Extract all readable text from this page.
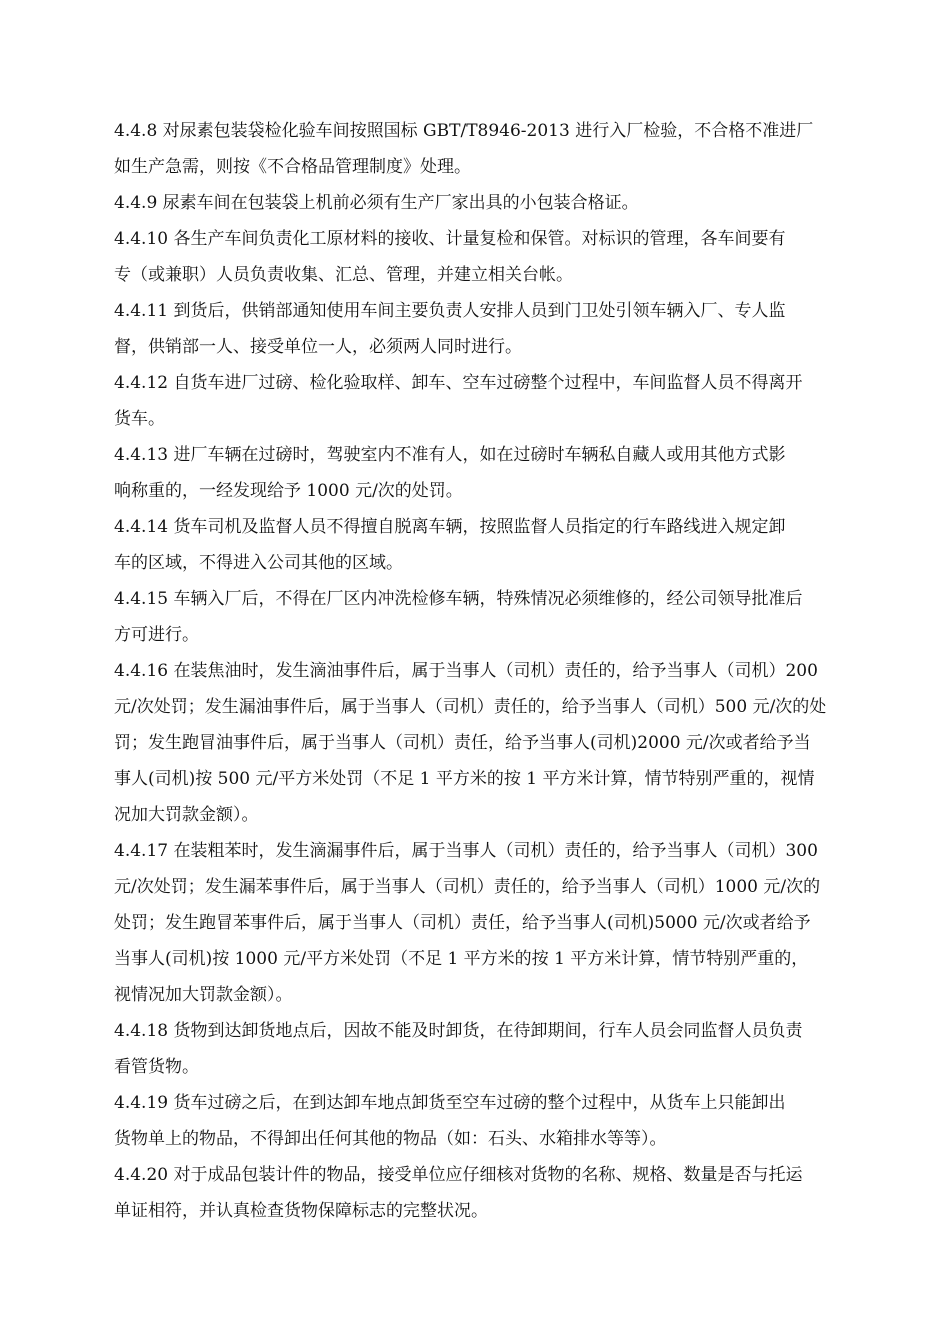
4.4.8 对尿素包装袋检化验车间按照国标 GBT/T8946-2013 进行入厂检验，不合格不准进厂
如生产急需，则按《不合格品管理制度》处理。
4.4.9 尿素车间在包装袋上机前必须有生产厂家出具的小包装合格证。
4.4.10 各生产车间负责化工原材料的接收、计量复检和保管。对标识的管理，各车间要有
专（或兼职）人员负责收集、汇总、管理，并建立相关台帐。
4.4.11 到货后，供销部通知使用车间主要负责人安排人员到门卫处引领车辆入厂、专人监
督，供销部一人、接受单位一人，必须两人同时进行。
4.4.12 自货车进厂过磅、检化验取样、卸车、空车过磅整个过程中，车间监督人员不得离开
货车。
4.4.13 进厂车辆在过磅时，驾驶室内不准有人，如在过磅时车辆私自藏人或用其他方式影
响称重的，一经发现给予 1000 元/次的处罚。
4.4.14 货车司机及监督人员不得擅自脱离车辆，按照监督人员指定的行车路线进入规定卸
车的区域，不得进入公司其他的区域。
4.4.15 车辆入厂后，不得在厂区内冲洗检修车辆，特殊情况必须维修的，经公司领导批准后
方可进行。
4.4.16 在装焦油时，发生滴油事件后，属于当事人（司机）责任的，给予当事人（司机）200
元/次处罚；发生漏油事件后，属于当事人（司机）责任的，给予当事人（司机）500 元/次的处
罚；发生跑冒油事件后，属于当事人（司机）责任，给予当事人(司机)2000 元/次或者给予当
事人(司机)按 500 元/平方米处罚（不足 1 平方米的按 1 平方米计算，情节特别严重的，视情
况加大罚款金额）。
4.4.17 在装粗苯时，发生滴漏事件后，属于当事人（司机）责任的，给予当事人（司机）300
元/次处罚；发生漏苯事件后，属于当事人（司机）责任的，给予当事人（司机）1000 元/次的
处罚；发生跑冒苯事件后，属于当事人（司机）责任，给予当事人(司机)5000 元/次或者给予
当事人(司机)按 1000 元/平方米处罚（不足 1 平方米的按 1 平方米计算，情节特别严重的，
视情况加大罚款金额）。
4.4.18 货物到达卸货地点后，因故不能及时卸货，在待卸期间，行车人员会同监督人员负责
看管货物。
4.4.19 货车过磅之后，在到达卸车地点卸货至空车过磅的整个过程中，从货车上只能卸出
货物单上的物品，不得卸出任何其他的物品（如：石头、水箱排水等等）。
4.4.20 对于成品包装计件的物品，接受单位应仔细核对货物的名称、规格、数量是否与托运
单证相符，并认真检查货物保障标志的完整状况。
